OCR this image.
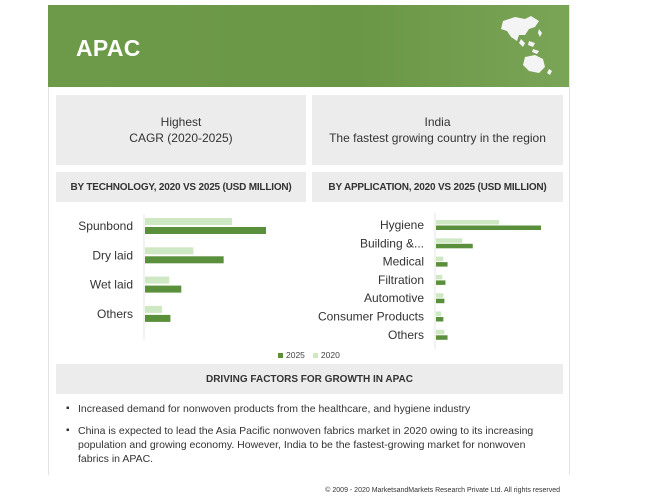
APAC
Highest
CAGR (2020-2025)
India
The fastest growing country in the region
BY TECHNOLOGY, 2020 VS 2025 (USD MILLION)	BY APPLICATION, 2020 VS 2025 (USD MILLION)
Spunbond
Dry laid
Wet laid
Others
Hygiene
Building &...
Medical
Filtration
Automotive
Consumer Products
Others
2025	2020
DRIVING FACTORS FOR GROWTH IN APAC
▪ Increased demand for nonwoven products from the healthcare, and hygiene industry
▪ China is expected to lead the Asia Pacific nonwoven fabrics market in 2020 owing to its increasing population and growing economy. However, India to be the fastest-growing market for nonwoven fabrics in APAC.
© 2009 - 2020 MarketsandMarkets Research Private Ltd. All rights reserved
